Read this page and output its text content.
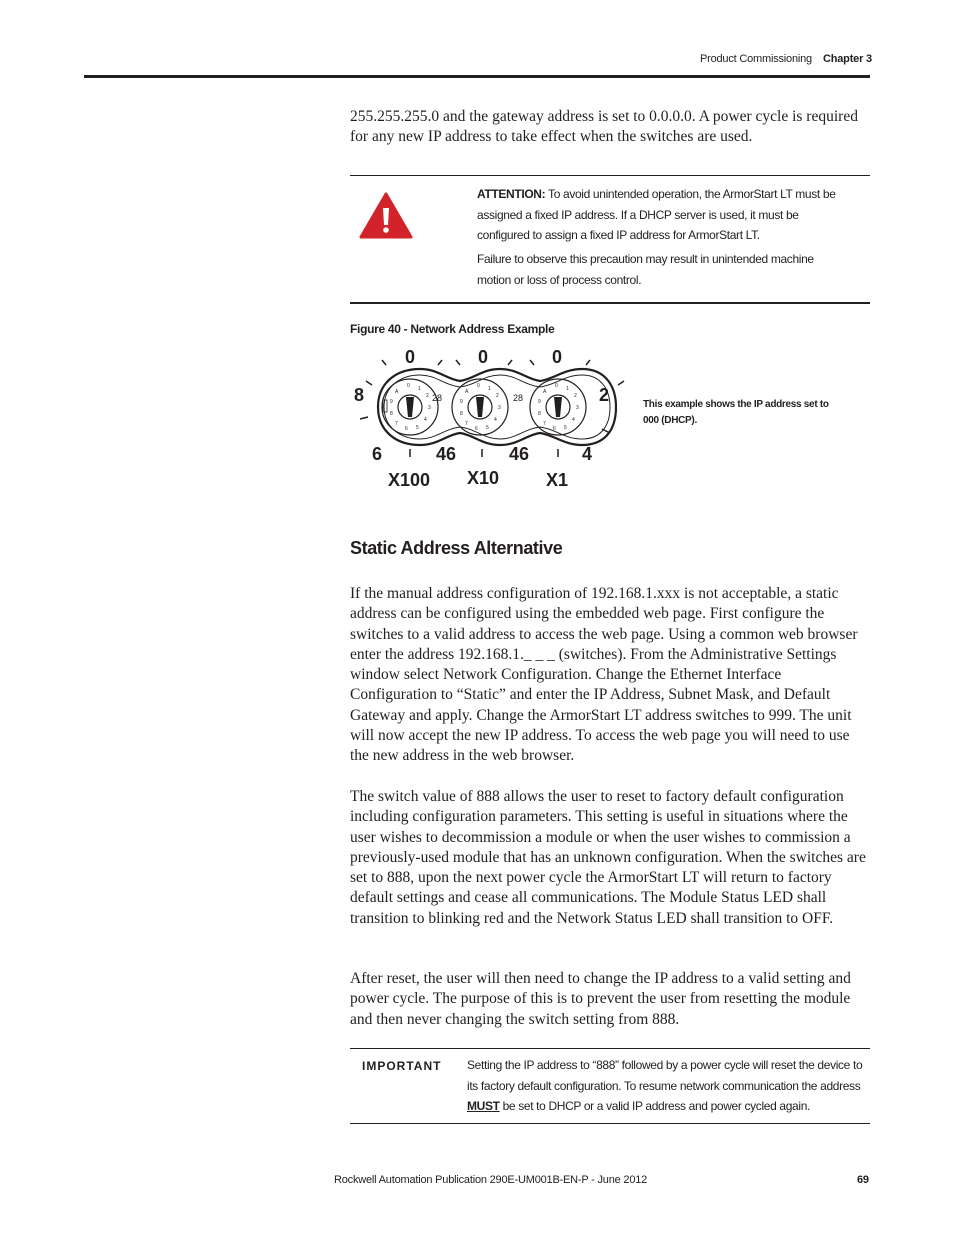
Product Commissioning Chapter 3

255.255.255.0 and the gateway address is set to 0.0.0.0. A power cycle is required for any new IP address to take effect when the switches are used.

ATTENTION: To avoid unintended operation, the ArmorStart LT must be assigned a fixed IP address. If a DHCP server is used, it must be configured to assign a fixed IP address for ArmorStart LT.
Failure to observe this precaution may result in unintended machine motion or loss of process control.
Figure 40 - Network Address Example
0 1
2
3
4
5
6
7
8
9
A
0 1
2
3
4
5
6
7
8
9
A
0 1
2
3
4
5
6
7
8
9
A
0	0	0
8	2
28	28
6	46	46	4
X100 X10	X1
This example shows the IP address set to 000 (DHCP).
Static Address Alternative

If the manual address configuration of 192.168.1.xxx is not acceptable, a static address can be configured using the embedded web page. First configure the switches to a valid address to access the web page. Using a common web browser enter the address 192.168.1._ _ _ (switches). From the Administrative Settings window select Network Configuration. Change the Ethernet Interface Configuration to “Static” and enter the IP Address, Subnet Mask, and Default Gateway and apply. Change the ArmorStart LT address switches to 999. The unit will now accept the new IP address. To access the web page you will need to use the new address in the web browser.

The switch value of 888 allows the user to reset to factory default configuration including configuration parameters. This setting is useful in situations where the user wishes to decommission a module or when the user wishes to commission a previously-used module that has an unknown configuration. When the switches are set to 888, upon the next power cycle the ArmorStart LT will return to factory default settings and cease all communications. The Module Status LED shall transition to blinking red and the Network Status LED shall transition to OFF.

After reset, the user will then need to change the IP address to a valid setting and power cycle. The purpose of this is to prevent the user from resetting the module and then never changing the switch setting from 888.

IMPORTANT Setting the IP address to “888” followed by a power cycle will reset the device to its factory default configuration. To resume network communication the address MUST be set to DHCP or a valid IP address and power cycled again.
Rockwell Automation Publication 290E-UM001B-EN-P - June 2012	69
